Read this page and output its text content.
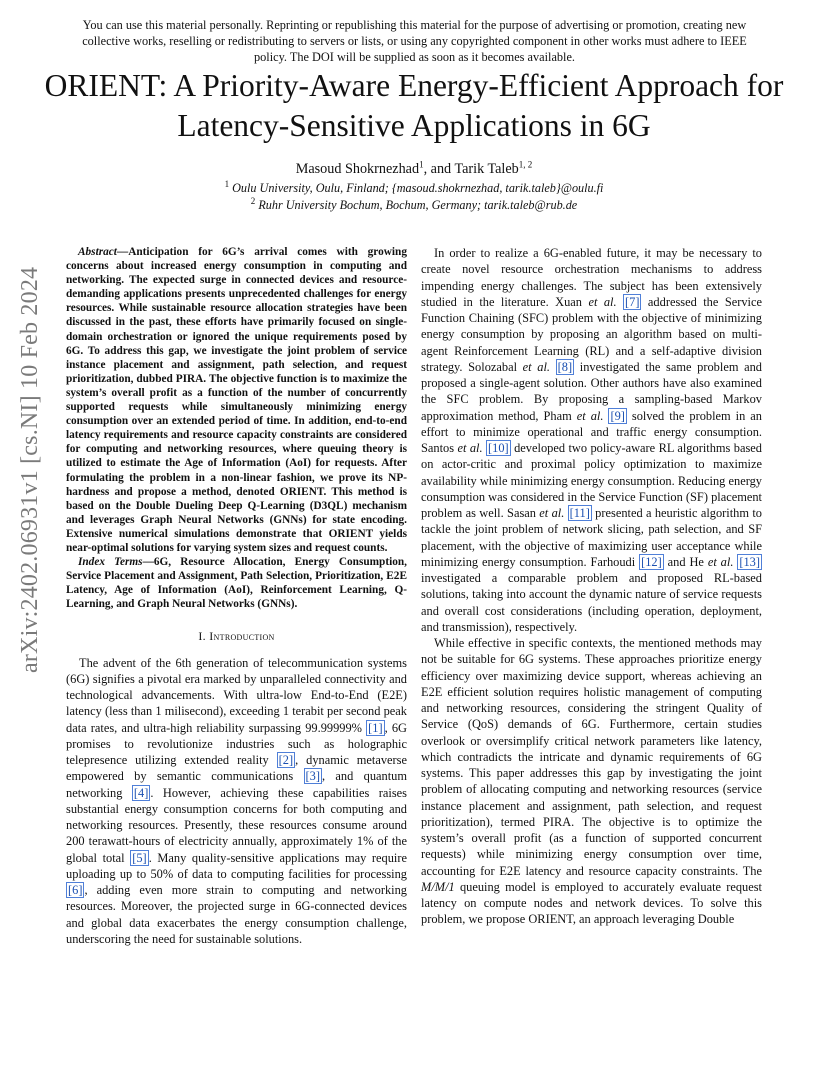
You can use this material personally. Reprinting or republishing this material for the purpose of advertising or promotion, creating new collective works, reselling or redistributing to servers or lists, or using any copyrighted component in other works must adhere to IEEE policy. The DOI will be supplied as soon as it becomes available.
ORIENT: A Priority-Aware Energy-Efficient Approach for Latency-Sensitive Applications in 6G
Masoud Shokrnezhad$^1$, and Tarik Taleb$^{1, 2}$
$^1$ Oulu University, Oulu, Finland; {masoud.shokrnezhad, tarik.taleb}@oulu.fi
$^2$ Ruhr University Bochum, Bochum, Germany; tarik.taleb@rub.de
arXiv:2402.06931v1 [cs.NI] 10 Feb 2024

Abstract—Anticipation for 6G’s arrival comes with growing concerns about increased energy consumption in computing and networking. The expected surge in connected devices and resource-demanding applications presents unprecedented challenges for energy resources. While sustainable resource allocation strategies have been discussed in the past, these efforts have primarily focused on single-domain orchestration or ignored the unique requirements posed by 6G. To address this gap, we investigate the joint problem of service instance placement and assignment, path selection, and request prioritization, dubbed PIRA. The objective function is to maximize the system’s overall profit as a function of the number of concurrently supported requests while simultaneously minimizing energy consumption over an extended period of time. In addition, end-to-end latency requirements and resource capacity constraints are considered for computing and networking resources, where queuing theory is utilized to estimate the Age of Information (AoI) for requests. After formulating the problem in a non-linear fashion, we prove its NP-hardness and propose a method, denoted ORIENT. This method is based on the Double Dueling Deep Q-Learning (D3QL) mechanism and leverages Graph Neural Networks (GNNs) for state encoding. Extensive numerical simulations demonstrate that ORIENT yields near-optimal solutions for varying system sizes and request counts.

Index Terms—6G, Resource Allocation, Energy Consumption, Service Placement and Assignment, Path Selection, Prioritization, E2E Latency, Age of Information (AoI), Reinforcement Learning, Q-Learning, and Graph Neural Networks (GNNs).

I. Introduction

The advent of the 6th generation of telecommunication systems (6G) signifies a pivotal era marked by unparalleled connectivity and technological advancements. With ultra-low End-to-End (E2E) latency (less than 1 milisecond), exceeding 1 terabit per second peak data rates, and ultra-high reliability surpassing 99.99999% [1] , 6G promises to revolutionize industries such as holographic telepresence utilizing extended reality [2] , dynamic metaverse empowered by semantic communications [3] , and quantum networking [4] . However, achieving these capabilities raises substantial energy consumption concerns for both computing and networking resources. Presently, these resources consume around 200 terawatt-hours of electricity annually, approximately 1% of the global total [5] . Many quality-sensitive applications may require uploading up to 50% of data to computing facilities for processing [6] , adding even more strain to computing and networking resources. Moreover, the projected surge in 6G-connected devices and global data exacerbates the energy consumption challenge, underscoring the need for sustainable solutions.

In order to realize a 6G-enabled future, it may be necessary to create novel resource orchestration mechanisms to address impending energy challenges. The subject has been extensively studied in the literature. Xuan et al. [7] addressed the Service Function Chaining (SFC) problem with the objective of minimizing energy consumption by proposing an algorithm based on multi-agent Reinforcement Learning (RL) and a self-adaptive division strategy. Solozabal et al. [8] investigated the same problem and proposed a single-agent solution. Other authors have also examined the SFC problem. By proposing a sampling-based Markov approximation method, Pham et al. [9] solved the problem in an effort to minimize operational and traffic energy consumption. Santos et al. [10] developed two policy-aware RL algorithms based on actor-critic and proximal policy optimization to maximize availability while minimizing energy consumption. Reducing energy consumption was considered in the Service Function (SF) placement problem as well. Sasan et al. [11] presented a heuristic algorithm to tackle the joint problem of network slicing, path selection, and SF placement, with the objective of maximizing user acceptance while minimizing energy consumption. Farhoudi [12] and He et al. [13] investigated a comparable problem and proposed RL-based solutions, taking into account the dynamic nature of service requests and overall cost considerations (including operation, deployment, and transmission), respectively.

While effective in specific contexts, the mentioned methods may not be suitable for 6G systems. These approaches prioritize energy efficiency over maximizing device support, whereas achieving an E2E efficient solution requires holistic management of computing and networking resources, considering the stringent Quality of Service (QoS) demands of 6G. Furthermore, certain studies overlook or oversimplify critical network parameters like latency, which contradicts the intricate and dynamic requirements of 6G systems. This paper addresses this gap by investigating the joint problem of allocating computing and networking resources (service instance placement and assignment, path selection, and request prioritization), termed PIRA. The objective is to optimize the system’s overall profit (as a function of supported concurrent requests) while minimizing energy consumption over time, accounting for E2E latency and resource capacity constraints. The M/M/1 queuing model is employed to accurately evaluate request latency on compute nodes and network devices. To solve this problem, we propose ORIENT, an approach leveraging Double
